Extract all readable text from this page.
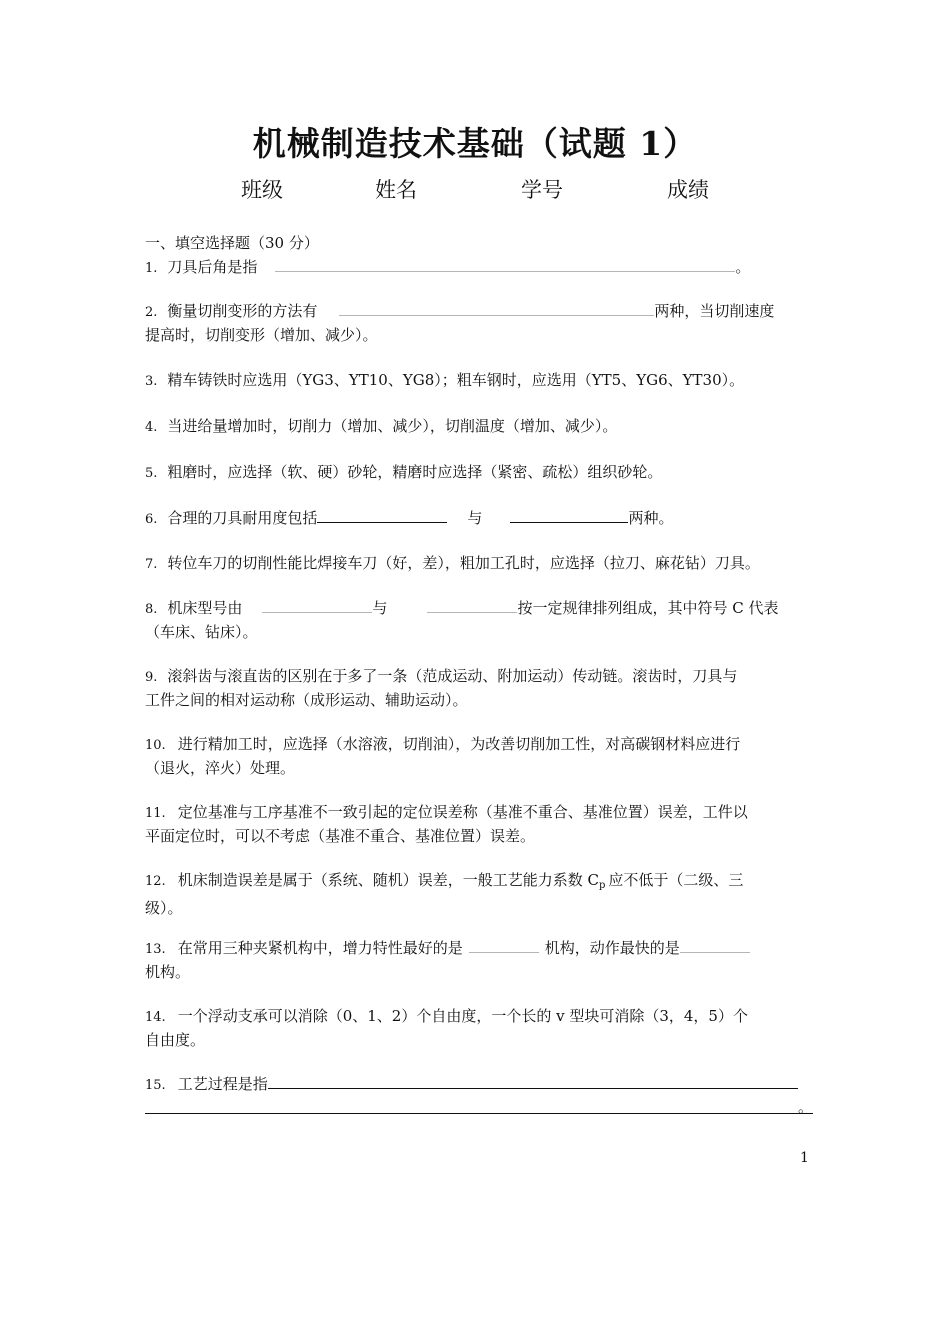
机械制造技术基础（试题 1）
班级	姓名	学号	成绩
一、填空选择题（30 分）
1. 刀具后角是指	。
2. 衡量切削变形的方法有	两种，当切削速度
提高时，切削变形（增加、减少）。
3. 精车铸铁时应选用（YG3、YT10、YG8）；粗车钢时，应选用（YT5、YG6、YT30）。
4. 当进给量增加时，切削力（增加、减少），切削温度（增加、减少）。
5. 粗磨时，应选择（软、硬）砂轮，精磨时应选择（紧密、疏松）组织砂轮。
6. 合理的刀具耐用度包括	与	两种。
7. 转位车刀的切削性能比焊接车刀（好，差），粗加工孔时，应选择（拉刀、麻花钻）刀具。
8. 机床型号由	与	按一定规律排列组成，其中符号 C 代表
（车床、钻床）。
9. 滚斜齿与滚直齿的区别在于多了一条（范成运动、附加运动）传动链。滚齿时，刀具与
工件之间的相对运动称（成形运动、辅助运动）。
10. 进行精加工时，应选择（水溶液，切削油），为改善切削加工性，对高碳钢材料应进行
（退火，淬火）处理。
11. 定位基准与工序基准不一致引起的定位误差称（基准不重合、基准位置）误差，工件以
平面定位时，可以不考虑（基准不重合、基准位置）误差。
12. 机床制造误差是属于（系统、随机）误差，一般工艺能力系数 $C_p$ 应不低于（二级、三
级）。
13. 在常用三种夹紧机构中，增力特性最好的是	机构，动作最快的是
机构。
14. 一个浮动支承可以消除（0、1、2）个自由度，一个长的 v 型块可消除（3，4，5）个
自由度。
15. 工艺过程是指
。
1
